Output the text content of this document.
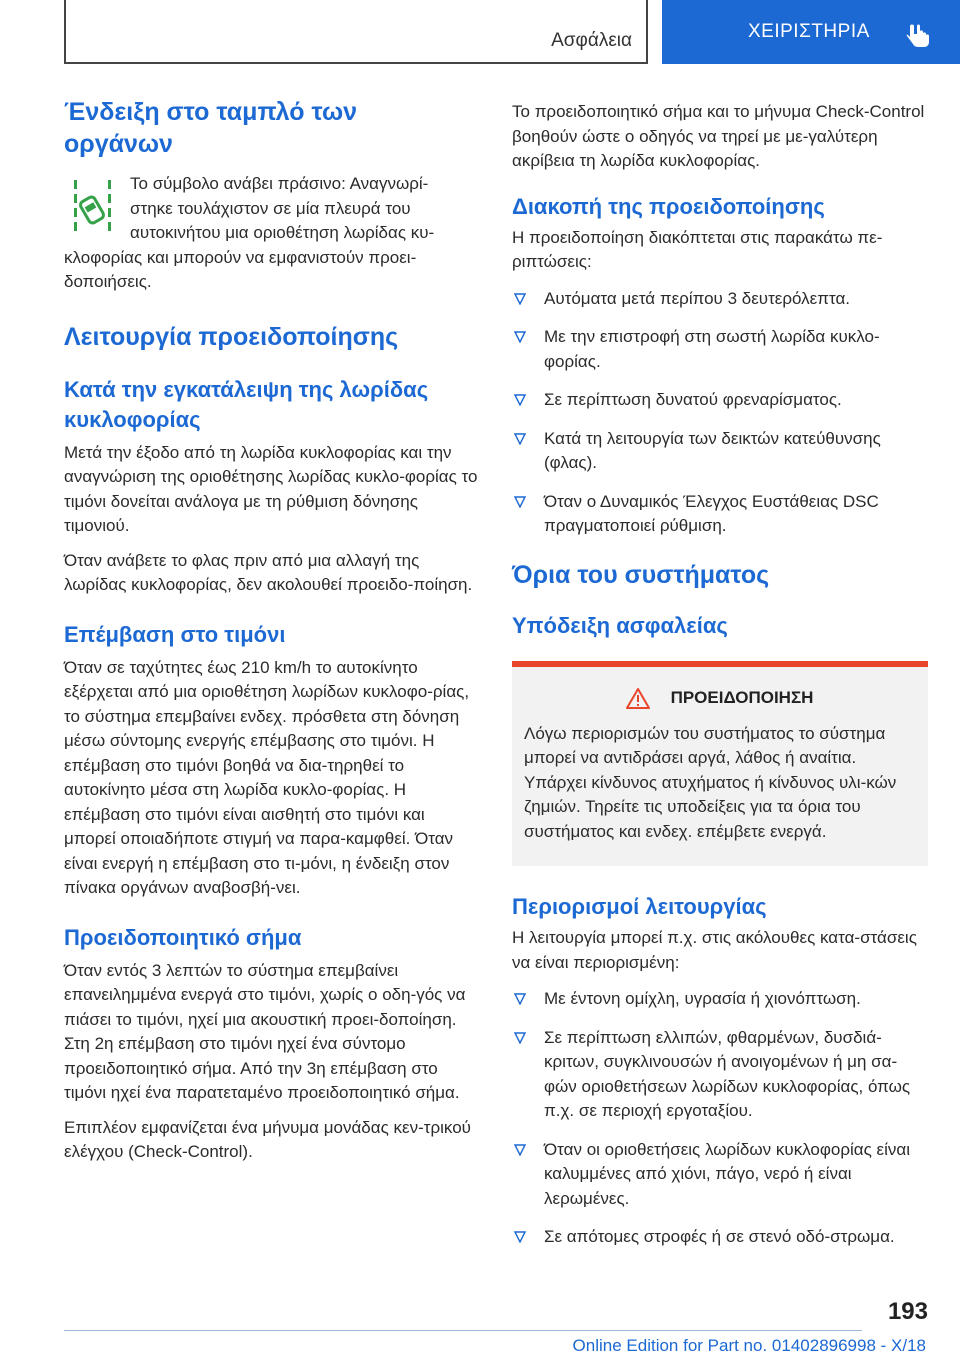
Ασφάλεια	ΧΕΙΡΙΣΤΗΡΙΑ
Ένδειξη στο ταμπλό των οργάνων

Το σύμβολο ανάβει πράσινο: Αναγνωρί-

στηκε τουλάχιστον σε μία πλευρά του

αυτοκινήτου μια οριοθέτηση λωρίδας κυ-

κλοφορίας και μπορούν να εμφανιστούν προει-δοποιήσεις.

Λειτουργία προειδοποίησης
Κατά την εγκατάλειψη της λωρίδας κυκλοφορίας

Μετά την έξοδο από τη λωρίδα κυκλοφορίας και την αναγνώριση της οριοθέτησης λωρίδας κυκλο-φορίας το τιμόνι δονείται ανάλογα με τη ρύθμιση δόνησης τιμονιού.

Όταν ανάβετε το φλας πριν από μια αλλαγή της λωρίδας κυκλοφορίας, δεν ακολουθεί προειδο-ποίηση.

Επέμβαση στο τιμόνι

Όταν σε ταχύτητες έως 210 km/h το αυτοκίνητο εξέρχεται από μια οριοθέτηση λωρίδων κυκλοφο-ρίας, το σύστημα επεμβαίνει ενδεχ. πρόσθετα στη δόνηση μέσω σύντομης ενεργής επέμβασης στο τιμόνι. Η επέμβαση στο τιμόνι βοηθά να δια-τηρηθεί το αυτοκίνητο μέσα στη λωρίδα κυκλο-φορίας. Η επέμβαση στο τιμόνι είναι αισθητή στο τιμόνι και μπορεί οποιαδήποτε στιγμή να παρα-καμφθεί. Όταν είναι ενεργή η επέμβαση στο τι-μόνι, η ένδειξη στον πίνακα οργάνων αναβοσβή-νει.

Προειδοποιητικό σήμα

Όταν εντός 3 λεπτών το σύστημα επεμβαίνει επανειλημμένα ενεργά στο τιμόνι, χωρίς ο οδη-γός να πιάσει το τιμόνι, ηχεί μια ακουστική προει-δοποίηση. Στη 2η επέμβαση στο τιμόνι ηχεί ένα σύντομο προειδοποιητικό σήμα. Από την 3η επέμβαση στο τιμόνι ηχεί ένα παρατεταμένο προειδοποιητικό σήμα.

Επιπλέον εμφανίζεται ένα μήνυμα μονάδας κεν-τρικού ελέγχου (Check-Control).

Το προειδοποιητικό σήμα και το μήνυμα Check-Control βοηθούν ώστε ο οδηγός να τηρεί με με-γαλύτερη ακρίβεια τη λωρίδα κυκλοφορίας.

Διακοπή της προειδοποίησης

Η προειδοποίηση διακόπτεται στις παρακάτω πε-ριπτώσεις:

Αυτόματα μετά περίπου 3 δευτερόλεπτα.
Με την επιστροφή στη σωστή λωρίδα κυκλο-φορίας.
Σε περίπτωση δυνατού φρεναρίσματος.
Κατά τη λειτουργία των δεικτών κατεύθυνσης (φλας).
Όταν ο Δυναμικός Έλεγχος Ευστάθειας DSC πραγματοποιεί ρύθμιση.
Όρια του συστήματος
Υπόδειξη ασφαλείας
ΠΡΟΕΙΔΟΠΟΙΗΣΗ

Λόγω περιορισμών του συστήματος το σύστημα μπορεί να αντιδράσει αργά, λάθος ή αναίτια. Υπάρχει κίνδυνος ατυχήματος ή κίνδυνος υλι-κών ζημιών. Τηρείτε τις υποδείξεις για τα όρια του συστήματος και ενδεχ. επέμβετε ενεργά.

Περιορισμοί λειτουργίας

Η λειτουργία μπορεί π.χ. στις ακόλουθες κατα-στάσεις να είναι περιορισμένη:

Με έντονη ομίχλη, υγρασία ή χιονόπτωση.
Σε περίπτωση ελλιπών, φθαρμένων, δυσδιά-κριτων, συγκλινουσών ή ανοιγομένων ή μη σα-φών οριοθετήσεων λωρίδων κυκλοφορίας, όπως π.χ. σε περιοχή εργοταξίου.
Όταν οι οριοθετήσεις λωρίδων κυκλοφορίας είναι καλυμμένες από χιόνι, πάγο, νερό ή είναι λερωμένες.
Σε απότομες στροφές ή σε στενό οδό-στρωμα.
193
Online Edition for Part no. 01402896998 - X/18
